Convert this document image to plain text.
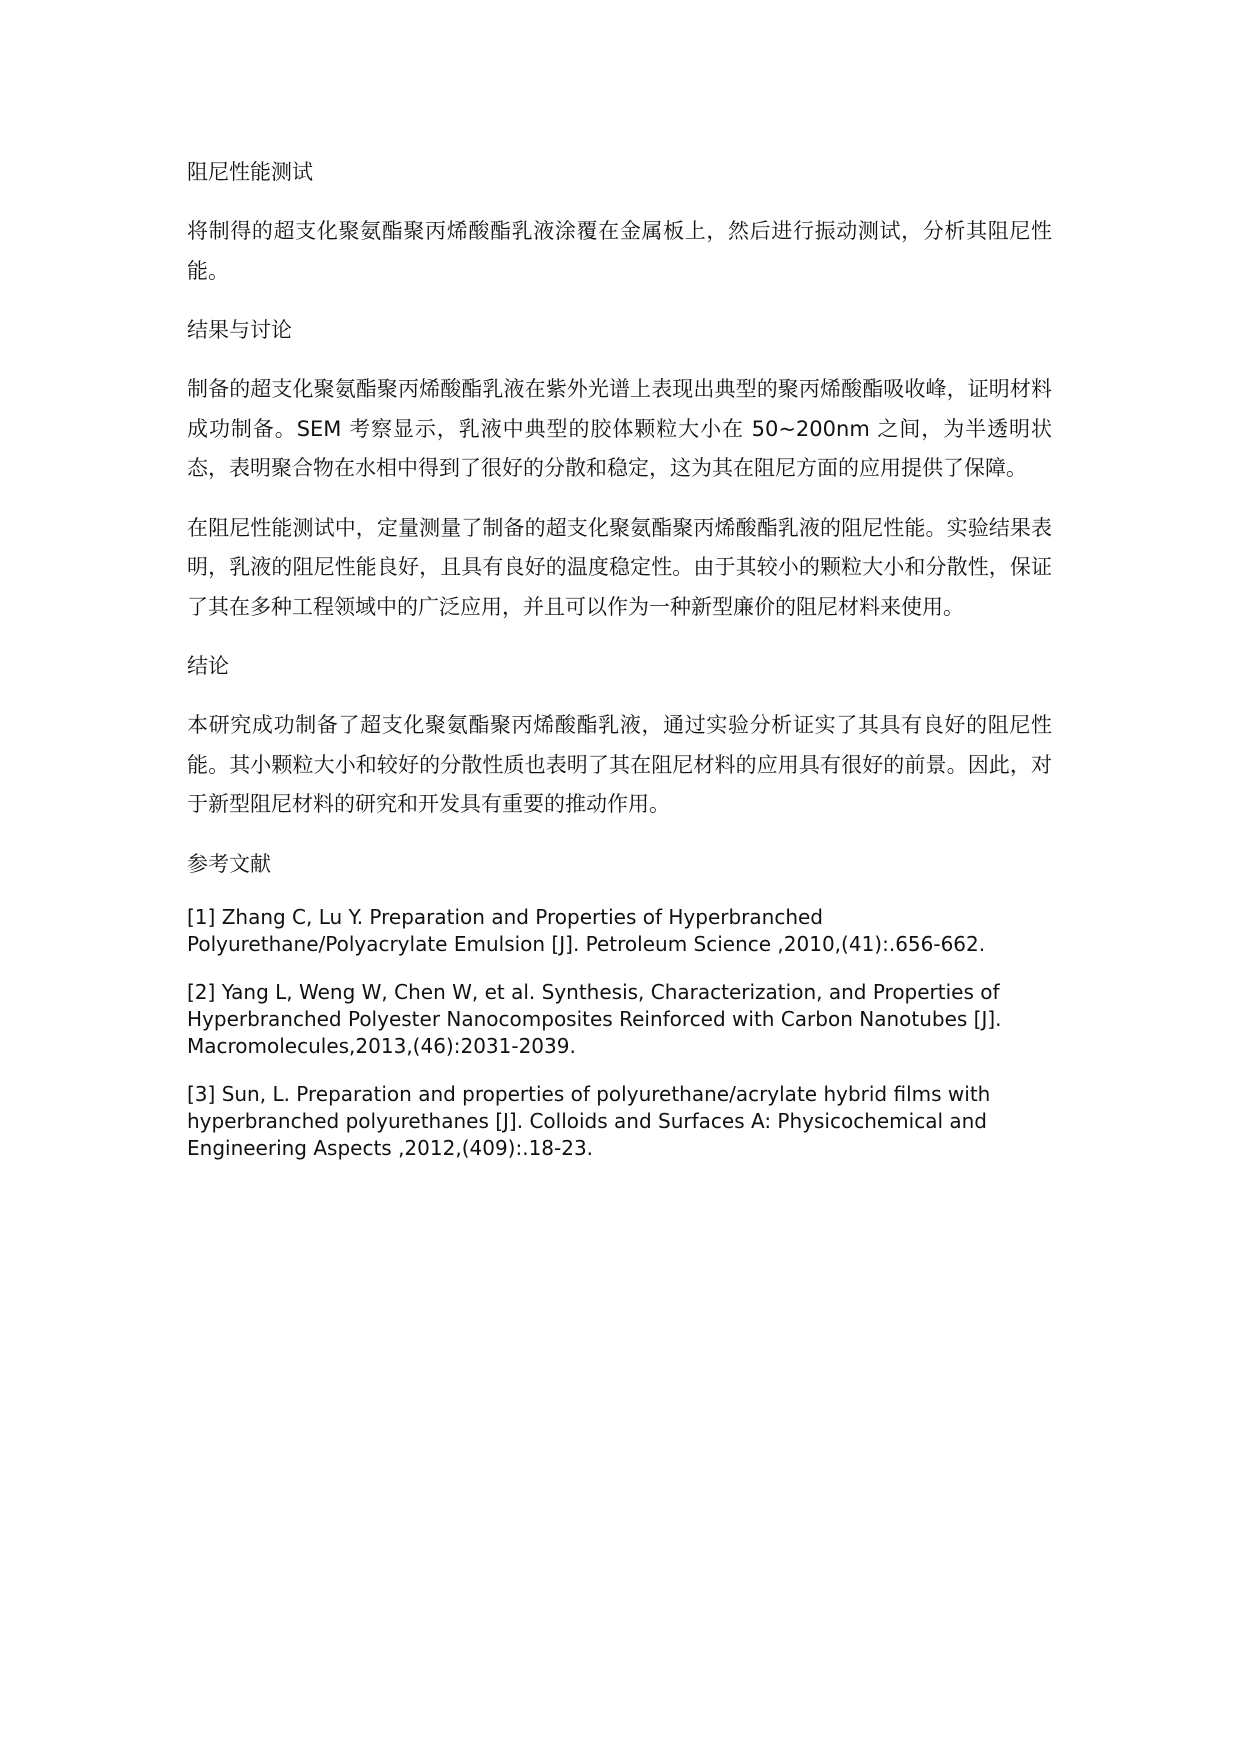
阻尼性能测试

将制得的超支化聚氨酯聚丙烯酸酯乳液涂覆在金属板上，然后进行振动测试，分析其阻尼性能。

结果与讨论

制备的超支化聚氨酯聚丙烯酸酯乳液在紫外光谱上表现出典型的聚丙烯酸酯吸收峰，证明材料成功制备。SEM 考察显示，乳液中典型的胶体颗粒大小在 50~200nm 之间，为半透明状态，表明聚合物在水相中得到了很好的分散和稳定，这为其在阻尼方面的应用提供了保障。

在阻尼性能测试中，定量测量了制备的超支化聚氨酯聚丙烯酸酯乳液的阻尼性能。实验结果表明，乳液的阻尼性能良好，且具有良好的温度稳定性。由于其较小的颗粒大小和分散性，保证了其在多种工程领域中的广泛应用，并且可以作为一种新型廉价的阻尼材料来使用。

结论

本研究成功制备了超支化聚氨酯聚丙烯酸酯乳液，通过实验分析证实了其具有良好的阻尼性能。其小颗粒大小和较好的分散性质也表明了其在阻尼材料的应用具有很好的前景。因此，对于新型阻尼材料的研究和开发具有重要的推动作用。

参考文献

[1] Zhang C, Lu Y. Preparation and Properties of Hyperbranched Polyurethane/Polyacrylate Emulsion [J]. Petroleum Science ,2010,(41):.656-662.

[2] Yang L, Weng W, Chen W, et al. Synthesis, Characterization, and Properties of Hyperbranched Polyester Nanocomposites Reinforced with Carbon Nanotubes [J]. Macromolecules,2013,(46):2031-2039.

[3] Sun, L. Preparation and properties of polyurethane/acrylate hybrid films with hyperbranched polyurethanes [J]. Colloids and Surfaces A: Physicochemical and Engineering Aspects ,2012,(409):.18-23.
